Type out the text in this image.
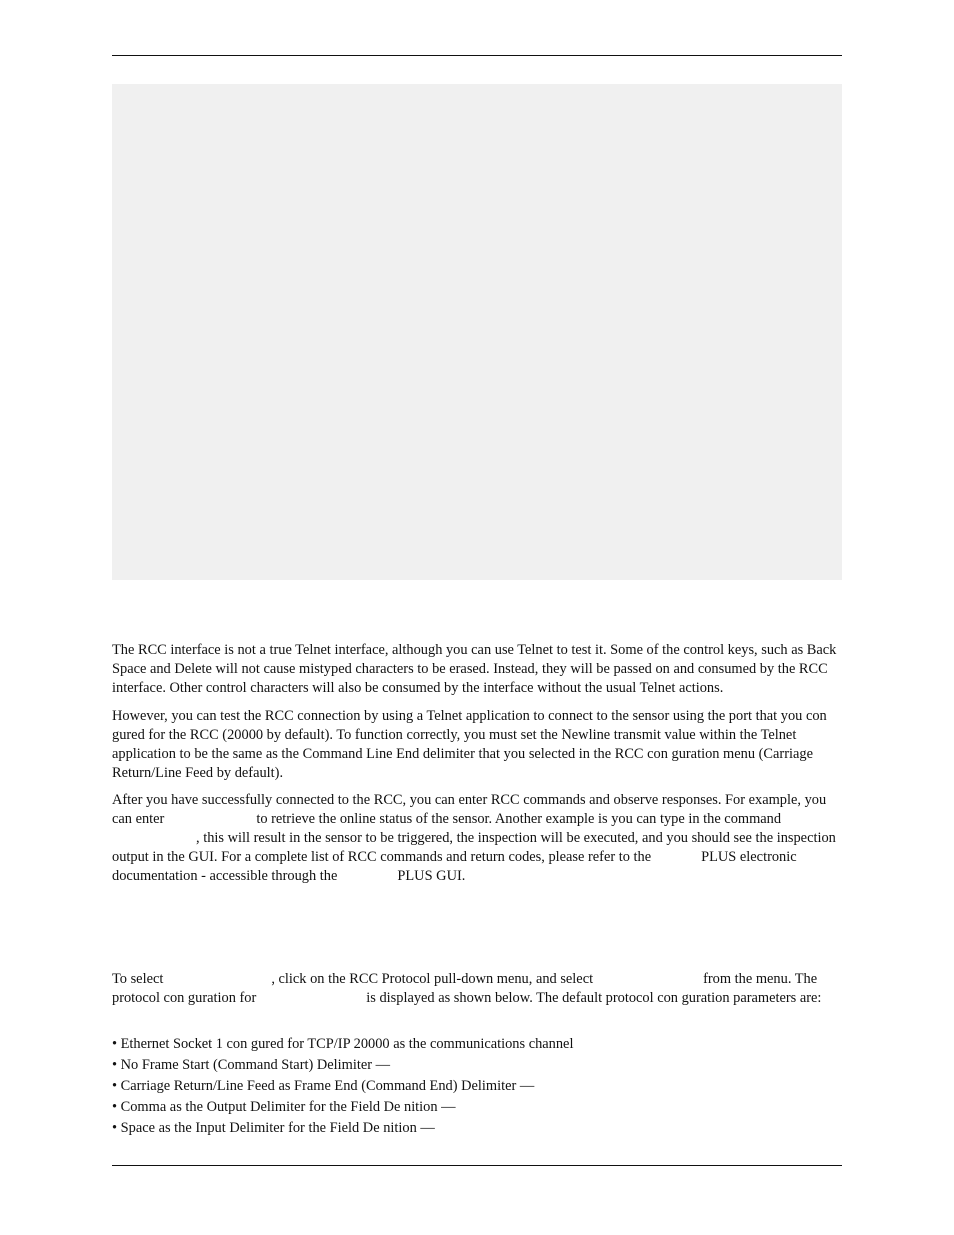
The RCC interface is not a true Telnet interface, although you can use Telnet to test it. Some of the control keys, such as Back Space and Delete will not cause mistyped characters to be erased. Instead, they will be passed on and consumed by the RCC interface. Other control characters will also be consumed by the interface without the usual Telnet actions.

However, you can test the RCC connection by using a Telnet application to connect to the sensor using the port that you con gured for the RCC (20000 by default). To function correctly, you must set the Newline transmit value within the Telnet application to be the same as the Command Line End delimiter that you selected in the RCC con guration menu (Carriage Return/Line Feed by default).

After you have successfully connected to the RCC, you can enter RCC commands and observe responses. For example, you can enter	to retrieve the online status of the sensor. Another example is you can type in the command, this will result in the sensor to be triggered, the inspection will be executed, and you should see the inspection output in the GUI. For a complete list of RCC commands and return codes, please refer to the	PLUS electronic documentation - accessible through the	PLUS GUI.

To select	, click on the RCC Protocol pull-down menu, and select	from the menu. The protocol con guration for	is displayed as shown below. The default protocol con guration parameters are:

• Ethernet Socket 1 con gured for TCP/IP 20000 as the communications channel
• No Frame Start (Command Start) Delimiter —
• Carriage Return/Line Feed as Frame End (Command End) Delimiter —
• Comma as the Output Delimiter for the Field De nition —
• Space as the Input Delimiter for the Field De nition —
